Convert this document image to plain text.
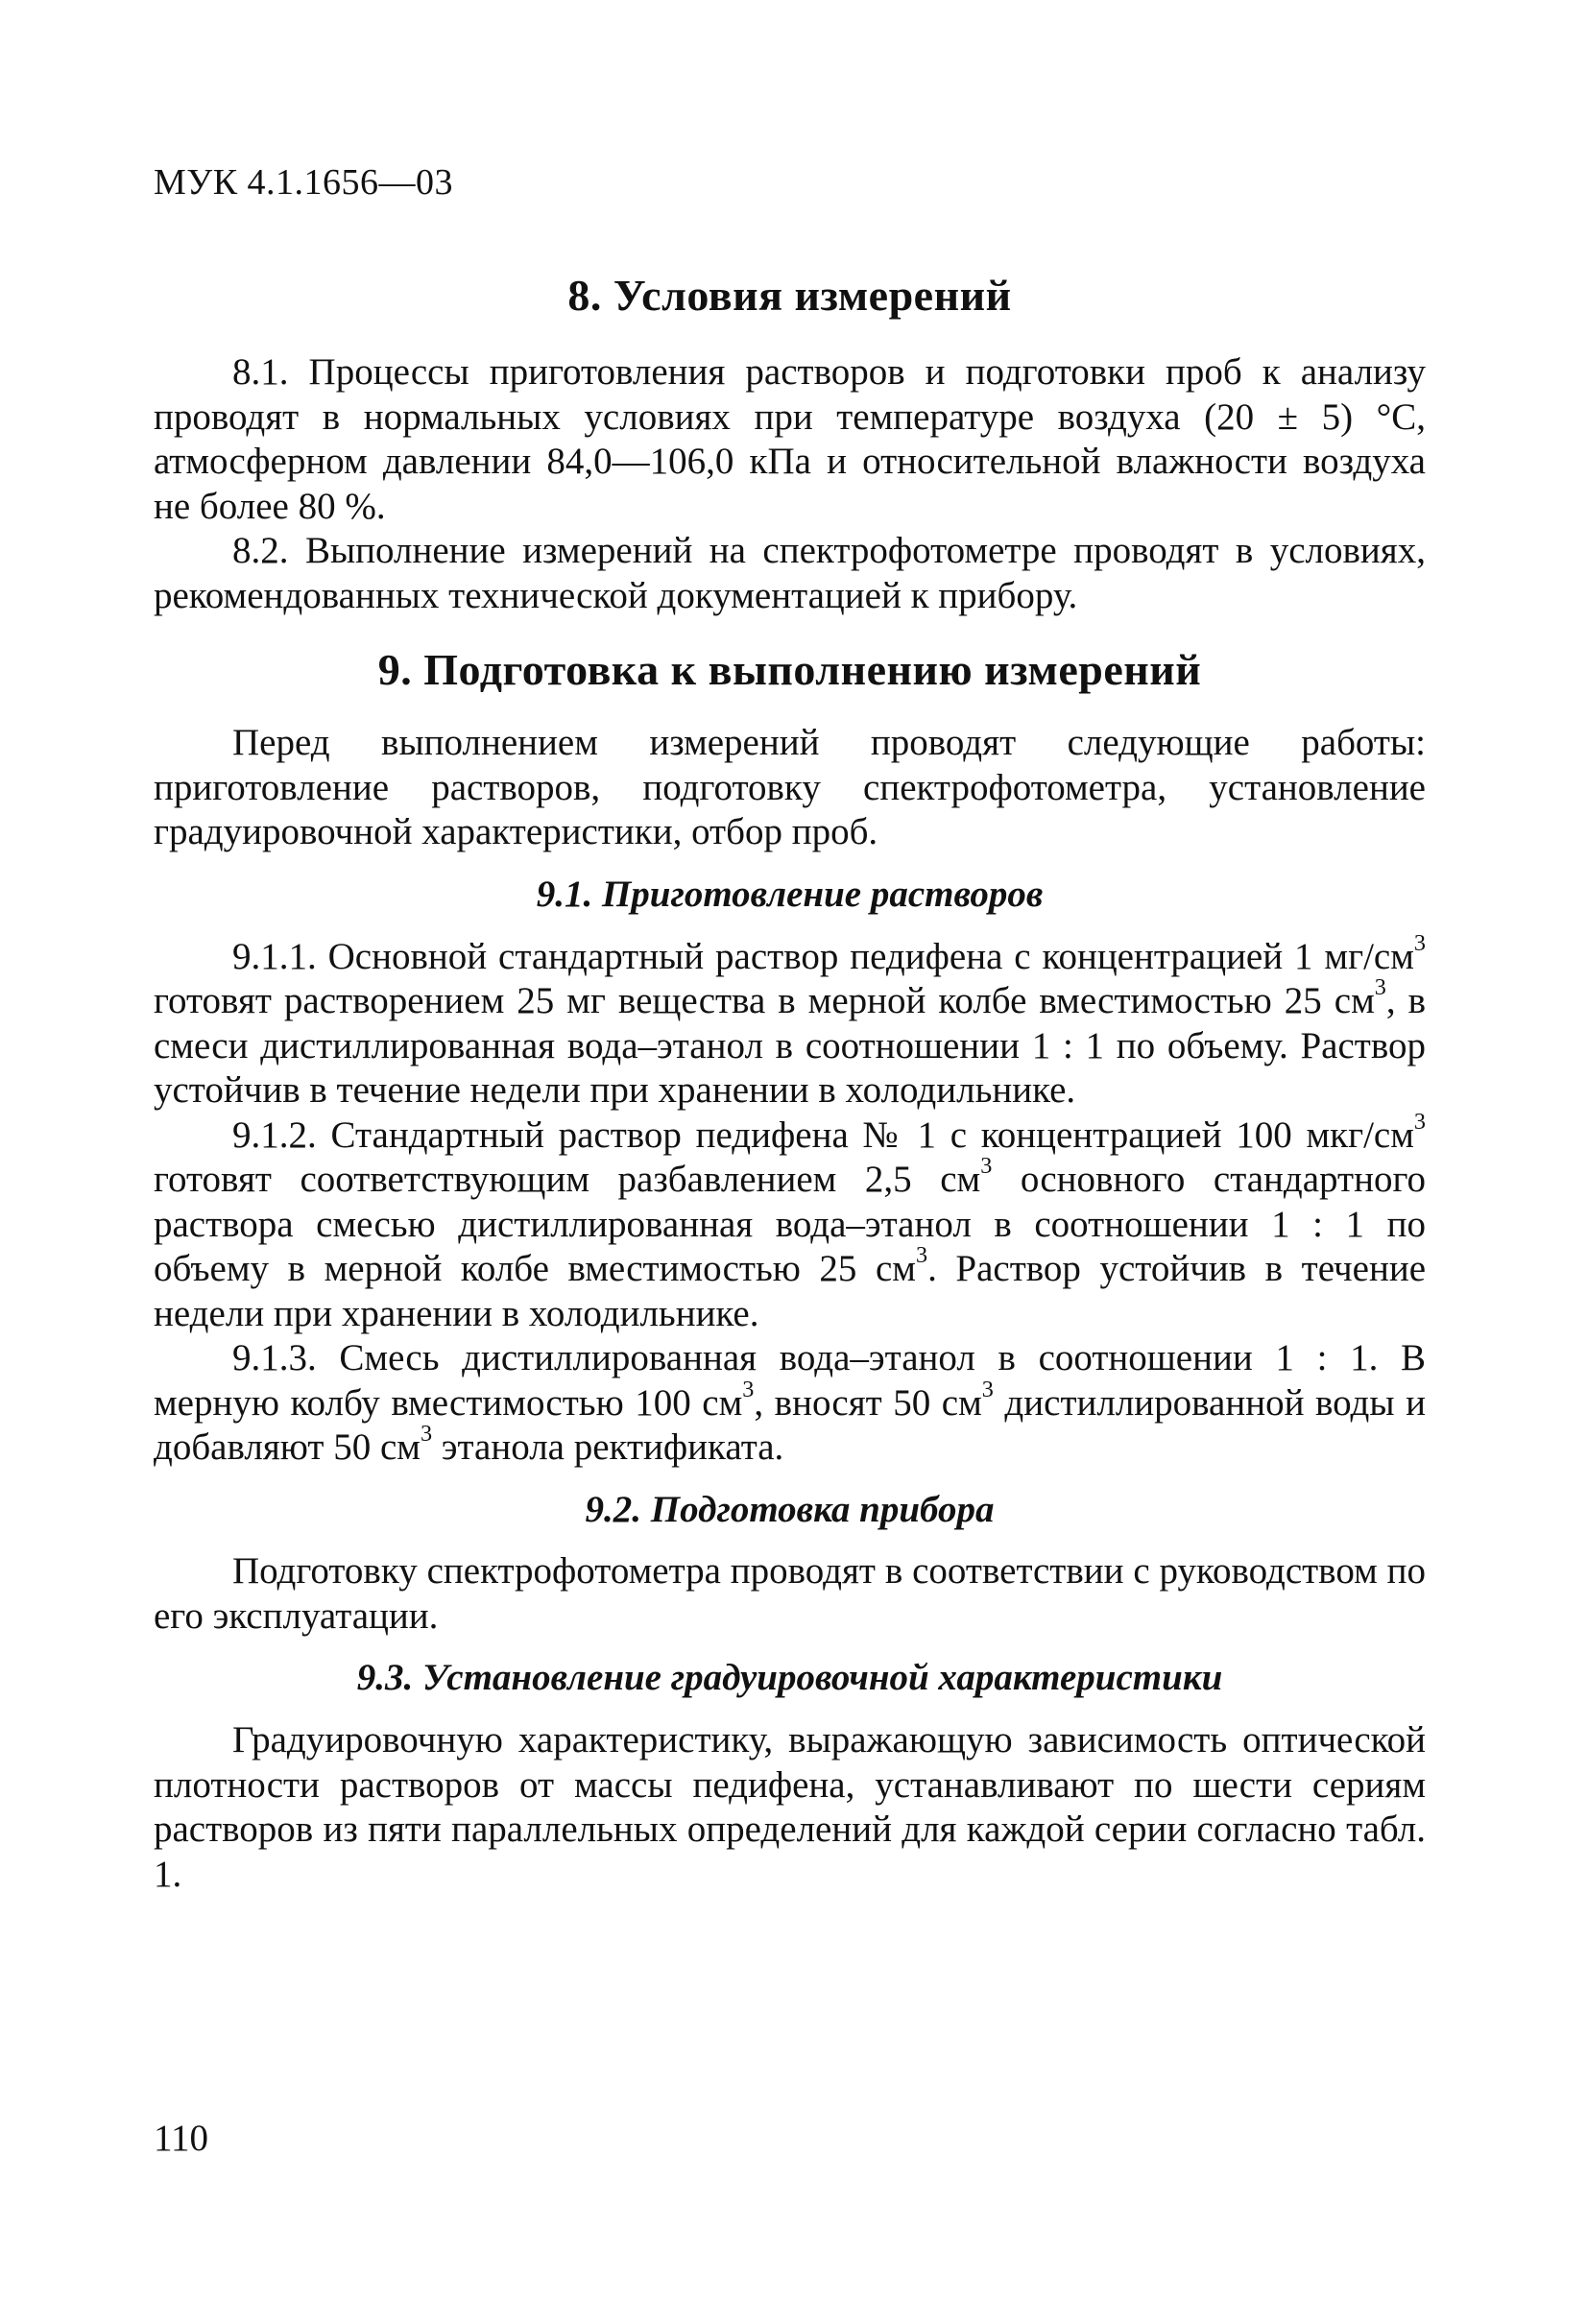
МУК 4.1.1656—03
8. Условия измерений

8.1. Процессы приготовления растворов и подготовки проб к анализу проводят в нормальных условиях при температуре воздуха (20 ± 5) °С, атмосферном давлении 84,0—106,0 кПа и относительной влажности воздуха не более 80 %.

8.2. Выполнение измерений на спектрофотометре проводят в условиях, рекомендованных технической документацией к прибору.

9. Подготовка к выполнению измерений

Перед выполнением измерений проводят следующие работы: приготовление растворов, подготовку спектрофотометра, установление градуировочной характеристики, отбор проб.

9.1. Приготовление растворов

9.1.1. Основной стандартный раствор педифена с концентрацией 1 $мг/см^3$ готовят растворением 25 мг вещества в мерной колбе вместимостью 25 $см^3$, в смеси дистиллированная вода–этанол в соотношении 1 : 1 по объему. Раствор устойчив в течение недели при хранении в холодильнике.

9.1.2. Стандартный раствор педифена № 1 с концентрацией 100 мкг/$см^3$ готовят соответствующим разбавлением 2,5 $см^3$ основного стандартного раствора смесью дистиллированная вода–этанол в соотношении 1 : 1 по объему в мерной колбе вместимостью 25 $см^3$. Раствор устойчив в течение недели при хранении в холодильнике.

9.1.3. Смесь дистиллированная вода–этанол в соотношении 1 : 1. В мерную колбу вместимостью 100 $см^3$, вносят 50 $см^3$ дистиллированной воды и добавляют 50 $см^3$ этанола ректификата.

9.2. Подготовка прибора

Подготовку спектрофотометра проводят в соответствии с руководством по его эксплуатации.

9.3. Установление градуировочной характеристики

Градуировочную характеристику, выражающую зависимость оптической плотности растворов от массы педифена, устанавливают по шести сериям растворов из пяти параллельных определений для каждой серии согласно табл. 1.

110
